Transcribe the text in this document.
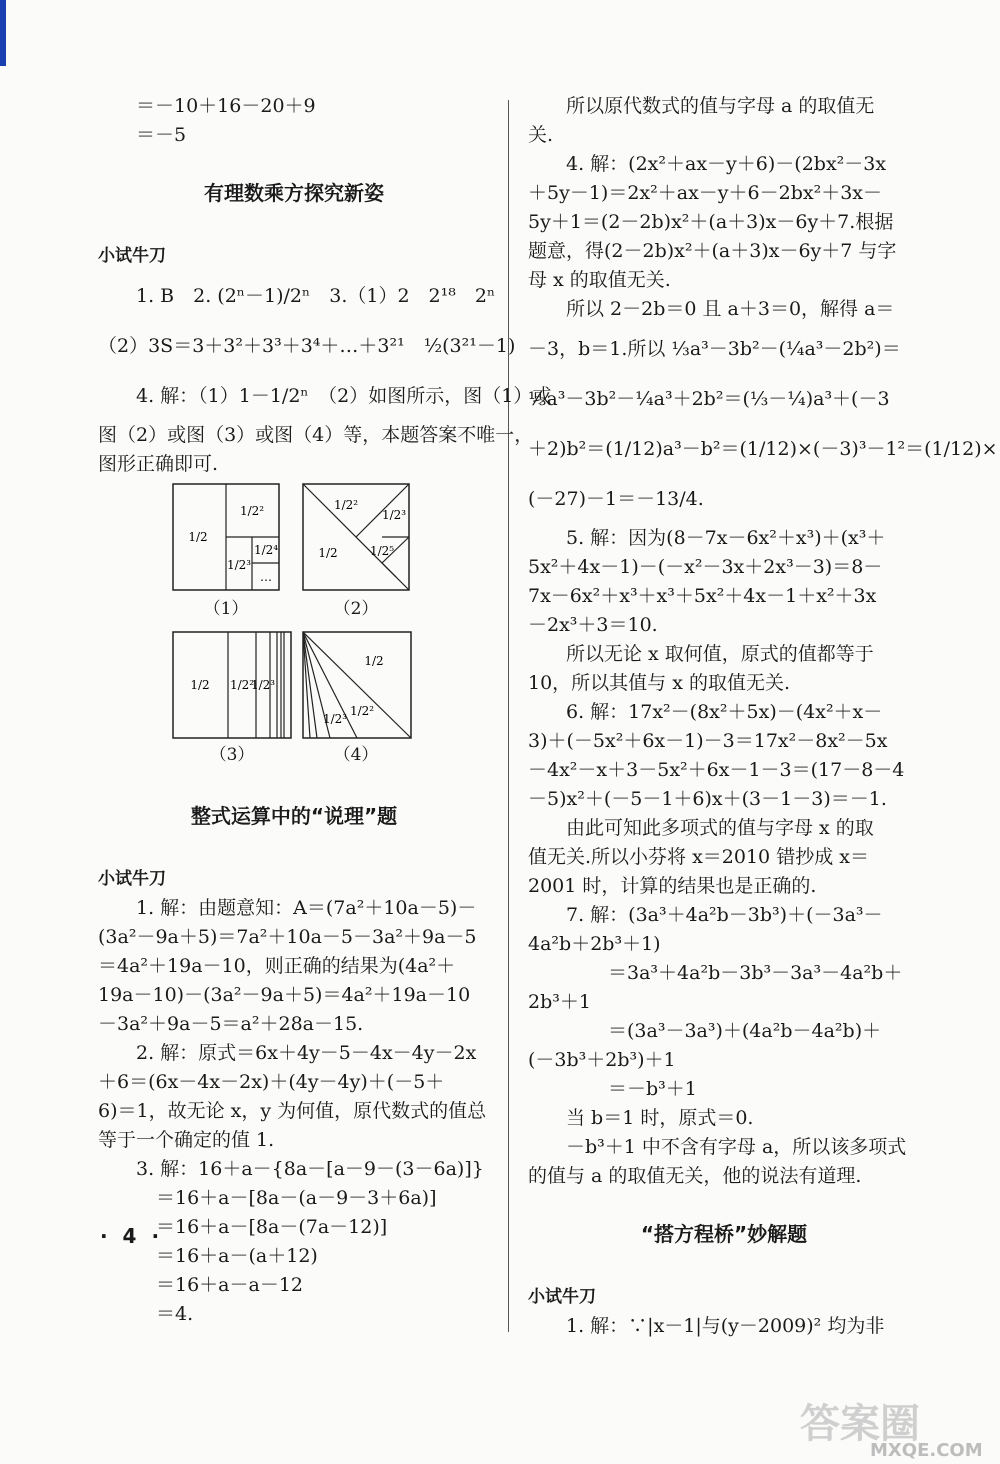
＝－10＋16－20＋9
＝－5
有理数乘方探究新姿
小试牛刀
1. B　2. (2ⁿ－1)/2ⁿ　3.（1）2　2¹⁸　2ⁿ
（2）3S＝3＋3²＋3³＋3⁴＋…＋3²¹　½(3²¹－1)
4. 解：（1）1－1/2ⁿ　（2）如图所示，图（1）或
图（2）或图（3）或图（4）等，本题答案不唯一，
图形正确即可.
1/2
1/2²
1/2³
1/2⁴
…
（1）
1/2
1/2²
1/2³
1/2⁵
（2）
1/2 1/2²
1/2³
（3）
1/2
1/2²
1/2³
（4）
整式运算中的“说理”题
小试牛刀
1. 解：由题意知：A＝(7a²＋10a－5)－
(3a²－9a＋5)＝7a²＋10a－5－3a²＋9a－5
＝4a²＋19a－10，则正确的结果为(4a²＋
19a－10)－(3a²－9a＋5)＝4a²＋19a－10
－3a²＋9a－5＝a²＋28a－15.
2. 解：原式＝6x＋4y－5－4x－4y－2x
＋6＝(6x－4x－2x)＋(4y－4y)＋(－5＋
6)＝1，故无论 x，y 为何值，原代数式的值总
等于一个确定的值 1.
3. 解：16＋a－{8a－[a－9－(3－6a)]}
＝16＋a－[8a－(a－9－3＋6a)]
＝16＋a－[8a－(7a－12)]
＝16＋a－(a＋12)
＝16＋a－a－12
＝4.
· 4 ·
所以原代数式的值与字母 a 的取值无
关.
4. 解：(2x²＋ax－y＋6)－(2bx²－3x
＋5y－1)＝2x²＋ax－y＋6－2bx²＋3x－
5y＋1＝(2－2b)x²＋(a＋3)x－6y＋7.根据
题意，得(2－2b)x²＋(a＋3)x－6y＋7 与字
母 x 的取值无关.
所以 2－2b＝0 且 a＋3＝0，解得 a＝
－3，b＝1.所以 ⅓a³－3b²－(¼a³－2b²)＝
⅓a³－3b²－¼a³＋2b²＝(⅓－¼)a³＋(－3
＋2)b²＝(1/12)a³－b²＝(1/12)×(－3)³－1²＝(1/12)×
(－27)－1＝－13/4.
5. 解：因为(8－7x－6x²＋x³)＋(x³＋
5x²＋4x－1)－(－x²－3x＋2x³－3)＝8－
7x－6x²＋x³＋x³＋5x²＋4x－1＋x²＋3x
－2x³＋3＝10.
所以无论 x 取何值，原式的值都等于
10，所以其值与 x 的取值无关.
6. 解：17x²－(8x²＋5x)－(4x²＋x－
3)＋(－5x²＋6x－1)－3＝17x²－8x²－5x
－4x²－x＋3－5x²＋6x－1－3＝(17－8－4
－5)x²＋(－5－1＋6)x＋(3－1－3)＝－1.
由此可知此多项式的值与字母 x 的取
值无关.所以小芬将 x＝2010 错抄成 x＝
2001 时，计算的结果也是正确的.
7. 解：(3a³＋4a²b－3b³)＋(－3a³－
4a²b＋2b³＋1)
＝3a³＋4a²b－3b³－3a³－4a²b＋
2b³＋1
＝(3a³－3a³)＋(4a²b－4a²b)＋
(－3b³＋2b³)＋1
＝－b³＋1
当 b＝1 时，原式＝0.
－b³＋1 中不含有字母 a，所以该多项式
的值与 a 的取值无关，他的说法有道理.
“搭方程桥”妙解题
小试牛刀
1. 解：∵|x－1|与(y－2009)² 均为非
答案圈
MXQE.COM
